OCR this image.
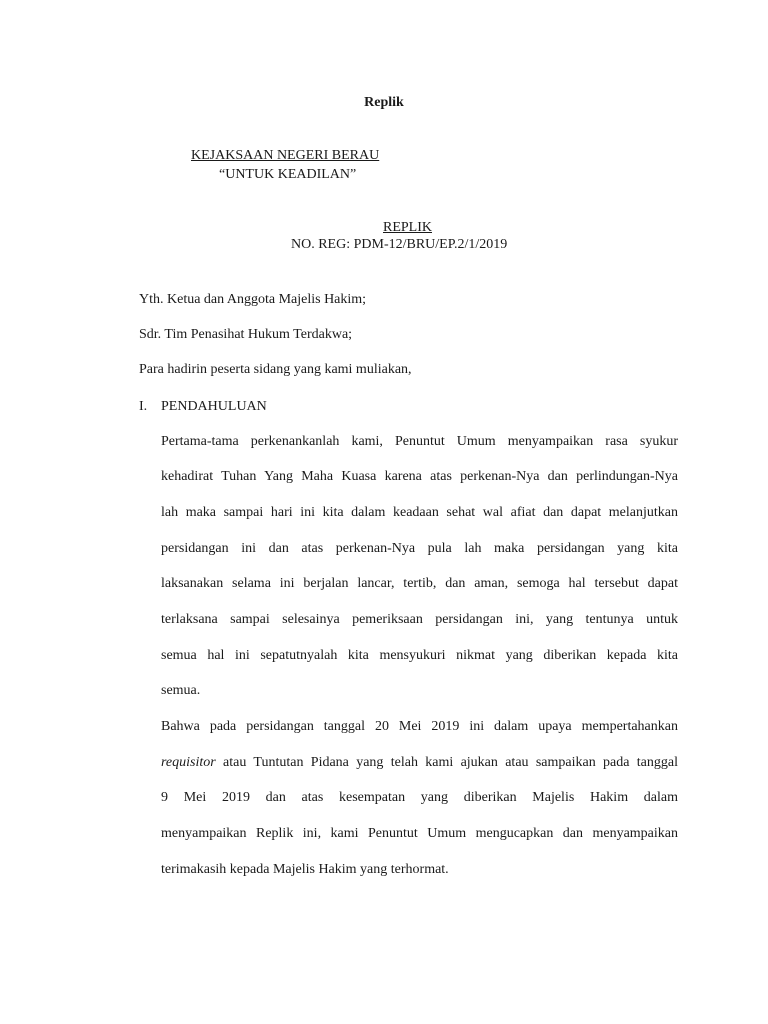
Replik
KEJAKSAAN NEGERI BERAU
“UNTUK KEADILAN”
REPLIK
NO. REG: PDM-12/BRU/EP.2/1/2019
Yth. Ketua dan Anggota Majelis Hakim;
Sdr. Tim Penasihat Hukum Terdakwa;
Para hadirin peserta sidang yang kami muliakan,
I. PENDAHULUAN
Pertama-tama perkenankanlah kami, Penuntut Umum menyampaikan rasa syukur
kehadirat Tuhan Yang Maha Kuasa karena atas perkenan-Nya dan perlindungan-Nya
lah maka sampai hari ini kita dalam keadaan sehat wal afiat dan dapat melanjutkan
persidangan ini dan atas perkenan-Nya pula lah maka persidangan yang kita
laksanakan selama ini berjalan lancar, tertib, dan aman, semoga hal tersebut dapat
terlaksana sampai selesainya pemeriksaan persidangan ini, yang tentunya untuk
semua hal ini sepatutnyalah kita mensyukuri nikmat yang diberikan kepada kita
semua.
Bahwa pada persidangan tanggal 20 Mei 2019 ini dalam upaya mempertahankan
requisitor atau Tuntutan Pidana yang telah kami ajukan atau sampaikan pada tanggal
9 Mei 2019 dan atas kesempatan yang diberikan Majelis Hakim dalam
menyampaikan Replik ini, kami Penuntut Umum mengucapkan dan menyampaikan
terimakasih kepada Majelis Hakim yang terhormat.
